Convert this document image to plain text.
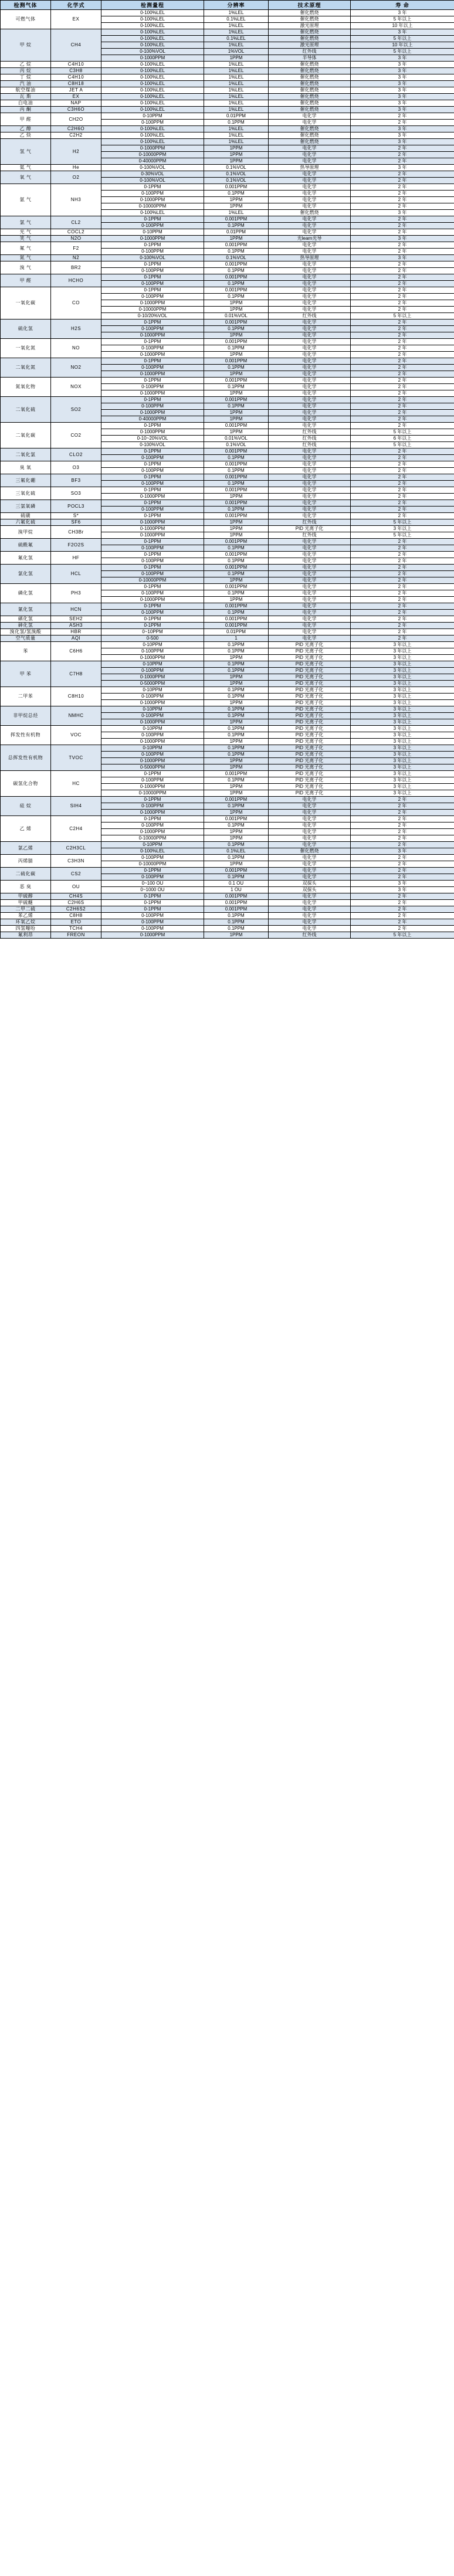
检测气体	化学式	检测量程	分辨率	技术原理	寿 命
可燃气体	EX	0-100%LEL	1%LEL	催化燃烧	3 年
		0-100%LEL	0.1%LEL	催化燃烧	5 年以上
		0-100%LEL	1%LEL	激光原理	10 年以上
甲 烷	CH4	0-100%LEL	1%LEL	催化燃烧	3 年
		0-100%LEL	0.1%LEL	催化燃烧	5 年以上
		0-100%LEL	1%LEL	激光原理	10 年以上
		0-100%VOL	1%VOL	红外线	5 年以上
		0-1000PPM	1PPM	半导体	3 年
乙 烷	C4H10	0-100%LEL	1%LEL	催化燃烧	3 年
丙 烷	C3H8	0-100%LEL	1%LEL	催化燃烧	3 年
丁 烷	C4H10	0-100%LEL	1%LEL	催化燃烧	3 年
汽 油	C8H18	0-100%LEL	1%LEL	催化燃烧	3 年
航空煤油	JET A	0-100%LEL	1%LEL	催化燃烧	3 年
瓦 斯	EX	0-100%LEL	1%LEL	催化燃烧	3 年
白电油	NAP	0-100%LEL	1%LEL	催化燃烧	3 年
丙 酮	C3H6O	0-100%LEL	1%LEL	催化燃烧	3 年
甲 醛	CH2O	0-10PPM	0.01PPM	电化学	2 年
		0-100PPM	0.1PPM	电化学	2 年
乙 醇	C2H6O	0-100%LEL	1%LEL	催化燃烧	3 年
乙 炔	C2H2	0-100%LEL	1%LEL	催化燃烧	3 年
氢 气	H2	0-100%LEL	1%LEL	催化燃烧	3 年
		0-1000PPM	1PPM	电化学	2 年
		0-10000PPM	1PPM	电化学	2 年
		0-40000PPM	1PPM	电化学	2 年
氦 气	He	0-100%VOL	0.1%VOL	热导原理	3 年
氧 气	O2	0-30%VOL	0.1%VOL	电化学	2 年
		0-100%VOL	0.1%VOL	电化学	2 年
氨 气	NH3	0-1PPM	0.001PPM	电化学	2 年
		0-100PPM	0.1PPM	电化学	2 年
		0-1000PPM	1PPM	电化学	2 年
		0-10000PPM	1PPM	电化学	2 年
		0-100%LEL	1%LEL	催化燃烧	3 年
氯 气	CL2	0-1PPM	0.001PPM	电化学	2 年
		0-100PPM	0.1PPM	电化学	2 年
光 气	COCL2	0-10PPM	0.01PPM	电化学	2 年
笑 气	N2O	0-1000PPM	1PPM	光learn光导	3 年
氟 气	F2	0-1PPM	0.001PPM	电化学	2 年
		0-100PPM	0.1PPM	电化学	2 年
氮 气	N2	0-100%VOL	0.1%VOL	热导原理	3 年
溴 气	BR2	0-1PPM	0.001PPM	电化学	2 年
		0-100PPM	0.1PPM	电化学	2 年
甲 醛	HCHO	0-1PPM	0.001PPM	电化学	2 年
		0-100PPM	0.1PPM	电化学	2 年
一氧化碳	CO	0-1PPM	0.001PPM	电化学	2 年
		0-100PPM	0.1PPM	电化学	2 年
		0-1000PPM	1PPM	电化学	2 年
		0-10000PPM	1PPM	电化学	2 年
		0-10/20%VOL	0.01%VOL	红外线	5 年以上
硫化氢	H2S	0-1PPM	0.001PPM	电化学	2 年
		0-100PPM	0.1PPM	电化学	2 年
		0-1000PPM	1PPM	电化学	2 年
一氧化氮	NO	0-1PPM	0.001PPM	电化学	2 年
		0-100PPM	0.1PPM	电化学	2 年
		0-1000PPM	1PPM	电化学	2 年
二氧化氮	NO2	0-1PPM	0.001PPM	电化学	2 年
		0-100PPM	0.1PPM	电化学	2 年
		0-1000PPM	1PPM	电化学	2 年
氮氧化物	NOX	0-1PPM	0.001PPM	电化学	2 年
		0-100PPM	0.1PPM	电化学	2 年
		0-1000PPM	1PPM	电化学	2 年
二氧化硫	SO2	0-1PPM	0.001PPM	电化学	2 年
		0-100PPM	0.1PPM	电化学	2 年
		0-1000PPM	1PPM	电化学	2 年
		0-40000PPM	1PPM	电化学	2 年
二氧化碳	CO2	0-1PPM	0.001PPM	电化学	2 年
		0-1000PPM	1PPM	红外线	5 年以上
		0-10~20%VOL	0.01%VOL	红外线	6 年以上
		0-100%VOL	0.1%VOL	红外线	5 年以上
二氧化氯	CLO2	0-1PPM	0.001PPM	电化学	2 年
		0-100PPM	0.1PPM	电化学	2 年
臭 氧	O3	0-1PPM	0.001PPM	电化学	2 年
		0-100PPM	0.1PPM	电化学	2 年
三氟化硼	BF3	0-1PPM	0.001PPM	电化学	2 年
		0-100PPM	0.1PPM	电化学	2 年
三氧化硫	SO3	0-1PPM	0.001PPM	电化学	2 年
		0-1000PPM	1PPM	电化学	2 年
三氯氧磷	POCL3	0-1PPM	0.001PPM	电化学	2 年
		0-100PPM	0.1PPM	电化学	2 年
硫磺	S*	0-1PPM	0.001PPM	电化学	2 年
六氟化硫	SF6	0-1000PPM	1PPM	红外线	5 年以上
溴甲烷	CH3Br	0-1000PPM	1PPM	PID 光离子化	3 年以上
		0-1000PPM	1PPM	红外线	5 年以上
硫酰氟	F2O2S	0-1PPM	0.001PPM	电化学	2 年
		0-100PPM	0.1PPM	电化学	2 年
氟化氢	HF	0-1PPM	0.001PPM	电化学	2 年
		0-100PPM	0.1PPM	电化学	2 年
氯化氢	HCL	0-1PPM	0.001PPM	电化学	2 年
		0-100PPM	0.1PPM	电化学	2 年
		0-10000PPM	1PPM	电化学	2 年
磷化氢	PH3	0-1PPM	0.001PPM	电化学	2 年
		0-100PPM	0.1PPM	电化学	2 年
		0-1000PPM	1PPM	电化学	2 年
氰化氢	HCN	0-1PPM	0.001PPM	电化学	2 年
		0-100PPM	0.1PPM	电化学	2 年
硒化氢	SEH2	0-1PPM	0.001PPM	电化学	2 年
砷化氢	ASH3	0-1PPM	0.001PPM	电化学	2 年
溴化氢/氢溴酸	HBR	0~10PPM	0.01PPM	电化学	2 年
空气质量	AQI	0-500	1	电化学	2 年
苯	C6H6	0-10PPM	0.1PPM	PID 光离子化	3 年以上
		0-100PPM	0.1PPM	PID 光离子化	3 年以上
		0-1000PPM	1PPM	PID 光离子化	3 年以上
甲 苯	C7H8	0-10PPM	0.1PPM	PID 光离子化	3 年以上
		0-100PPM	0.1PPM	PID 光离子化	3 年以上
		0-1000PPM	1PPM	PID 光离子化	3 年以上
		0-5000PPM	1PPM	PID 光离子化	3 年以上
二甲苯	C8H10	0-10PPM	0.1PPM	PID 光离子化	3 年以上
		0-100PPM	0.1PPM	PID 光离子化	3 年以上
		0-1000PPM	1PPM	PID 光离子化	3 年以上
非甲烷总烃	NMHC	0-10PPM	0.1PPM	PID 光离子化	3 年以上
		0-100PPM	0.1PPM	PID 光离子化	3 年以上
		0-1000PPM	1PPM	PID 光离子化	3 年以上
挥发性有机物	VOC	0-10PPM	0.1PPM	PID 光离子化	3 年以上
		0-100PPM	0.1PPM	PID 光离子化	3 年以上
		0-1000PPM	1PPM	PID 光离子化	3 年以上
总挥发性有机物	TVOC	0-10PPM	0.1PPM	PID 光离子化	3 年以上
		0-100PPM	0.1PPM	PID 光离子化	3 年以上
		0-1000PPM	1PPM	PID 光离子化	3 年以上
		0-5000PPM	1PPM	PID 光离子化	3 年以上
碳氢化合物	HC	0-1PPM	0.001PPM	PID 光离子化	3 年以上
		0-100PPM	0.1PPM	PID 光离子化	3 年以上
		0-1000PPM	1PPM	PID 光离子化	3 年以上
		0-10000PPM	1PPM	PID 光离子化	3 年以上
硅 烷	SIH4	0-1PPM	0.001PPM	电化学	2 年
		0-100PPM	0.1PPM	电化学	2 年
		0-1000PPM	1PPM	电化学	2 年
乙 烯	C2H4	0-1PPM	0.001PPM	电化学	2 年
		0-100PPM	0.1PPM	电化学	2 年
		0-1000PPM	1PPM	电化学	2 年
		0-10000PPM	1PPM	电化学	2 年
氯乙烯	C2H3CL	0-10PPM	0.1PPM	电化学	2 年
		0-100%LEL	0.1%LEL	催化燃烧	3 年
丙烯腈	C3H3N	0-100PPM	0.1PPM	电化学	2 年
		0-10000PPM	1PPM	电化学	2 年
二硫化碳	CS2	0-1PPM	0.001PPM	电化学	2 年
		0-100PPM	0.1PPM	电化学	2 年
恶 臭	OU	0~100 OU	0.1 OU	双探头	3 年
		0~1000 OU	1 OU	双探头	3 年
甲硫醇	CH4S	0-1PPM	0.001PPM	电化学	2 年
甲硫醚	C2H6S	0-1PPM	0.001PPM	电化学	2 年
二甲二硫	C2H6S2	0-1PPM	0.001PPM	电化学	2 年
苯乙烯	C8H8	0-100PPM	0.1PPM	电化学	2 年
环氧乙烷	ETO	0-100PPM	0.1PPM	电化学	2 年
四氢噻吩	TCH4	0-100PPM	0.1PPM	电化学	2 年
氟利昂	FREON	0-1000PPM	1PPM	红外线	5 年以上
